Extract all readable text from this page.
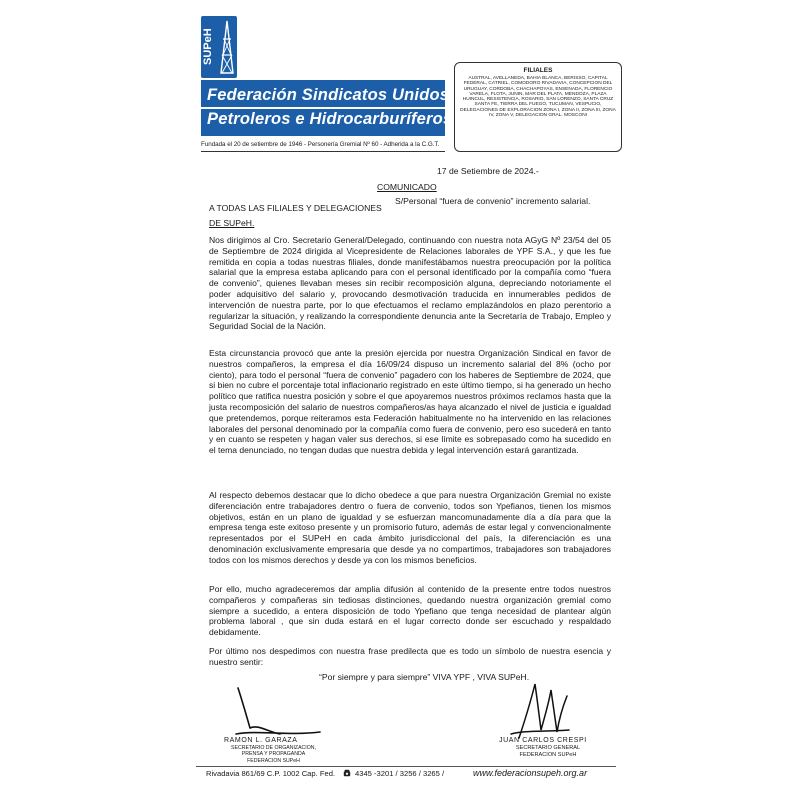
SUPeH
Federación Sindicatos Unidos
Petroleros e Hidrocarburíferos
Fundada el 20 de setiembre de 1946 - Personería Gremial Nº 60 - Adherida a la C.G.T.
FILIALES
AUSTRAL, AVELLANEDA, BAHIA BLANCA, BERISSO, CAPITAL FEDERAL, CATRIEL, COMODORO RIVADAVIA, CONCEPCION DEL URUGUAY, CORDOBA, CHACHAPOYAS, ENSENADA, FLORENCIO VARELA, FLOTA, JUNIN, MAR DEL PLATA, MENDOZA, PLAZA HUINCUL, RESISTENCIA, ROSARIO, SAN LORENZO, SANTA CRUZ SANTA FE, TIERRA DEL FUEGO, TUCUMAN, VESPUCIO, DELEGACIONES DE EXPLORACION ZONA I, ZONA II, ZONA III, ZONA IV, ZONA V, DELEGACION GRAL. MOSCONI
17 de Setiembre de 2024.-
COMUNICADO
S/Personal “fuera de convenio” incremento salarial.
A TODAS LAS FILIALES Y DELEGACIONES
DE SUPeH.

Nos dirigimos al Cro. Secretario General/Delegado, continuando con nuestra nota AGyG Nº 23/54 del 05 de Septiembre de 2024 dirigida al Vicepresidente de Relaciones laborales de YPF S.A., y que les fue remitida en copia a todas nuestras filiales, donde manifestábamos nuestra preocupación por la política salarial que la empresa estaba aplicando para con el personal identificado por la compañía como “fuera de convenio”, quienes llevaban meses sin recibir recomposición alguna, depreciando notoriamente el poder adquisitivo del salario y, provocando desmotivación traducida en innumerables pedidos de intervención de nuestra parte, por lo que efectuamos el reclamo emplazándolos en plazo perentorio a regularizar la situación, y realizando la correspondiente denuncia ante la Secretaría de Trabajo, Empleo y Seguridad Social de la Nación.

Esta circunstancia provocó que ante la presión ejercida por nuestra Organización Sindical en favor de nuestros compañeros, la empresa el día 16/09/24 dispuso un incremento salarial del 8% (ocho por ciento), para todo el personal “fuera de convenio” pagadero con los haberes de Septiembre de 2024, que si bien no cubre el porcentaje total inflacionario registrado en este último tiempo, si ha generado un hecho político que ratifica nuestra posición y sobre el que apoyaremos nuestros próximos reclamos hasta que la justa recomposición del salario de nuestros compañeros/as haya alcanzado el nivel de justicia e igualdad que pretendemos, porque reiteramos esta Federación habitualmente no ha intervenido en las relaciones laborales del personal denominado por la compañía como fuera de convenio, pero eso sucederá en tanto y en cuanto se respeten y hagan valer sus derechos, si ese límite es sobrepasado como ha sucedido en el tema denunciado, no tengan dudas que nuestra debida y legal intervención estará garantizada.

Al respecto debemos destacar que lo dicho obedece a que para nuestra Organización Gremial no existe diferenciación entre trabajadores dentro o fuera de convenio, todos son Ypefianos, tienen los mismos objetivos, están en un plano de igualdad y se esfuerzan mancomunadamente día a día para que la empresa tenga este exitoso presente y un promisorio futuro, además de estar legal y convencionalmente representados por el SUPeH en cada ámbito jurisdiccional del país, la diferenciación es una denominación exclusivamente empresaria que desde ya no compartimos, trabajadores son trabajadores todos con los mismos derechos y desde ya con los mismos beneficios.

Por ello, mucho agradeceremos dar amplia difusión al contenido de la presente entre todos nuestros compañeros y compañeras sin tediosas distinciones, quedando nuestra organización gremial como siempre a sucedido, a entera disposición de todo Ypefiano que tenga necesidad de plantear algún problema laboral , que sin duda estará en el lugar correcto donde ser escuchado y respaldado debidamente.

Por último nos despedimos con nuestra frase predilecta que es todo un símbolo de nuestra esencia y nuestro sentir:

“Por siempre y para siempre” VIVA YPF , VIVA SUPeH.
RAMON L. GARAZA
SECRETARIO DE ORGANIZACION,
PRENSA Y PROPAGANDA
FEDERACION SUPeH
JUAN CARLOS CRESPI
SECRETARIO GENERAL
FEDERACION SUPeH
Rivadavia 861/69 C.P. 1002 Cap. Fed.	4345 -3201 / 3256 / 3265 /	www.federacionsupeh.org.ar
